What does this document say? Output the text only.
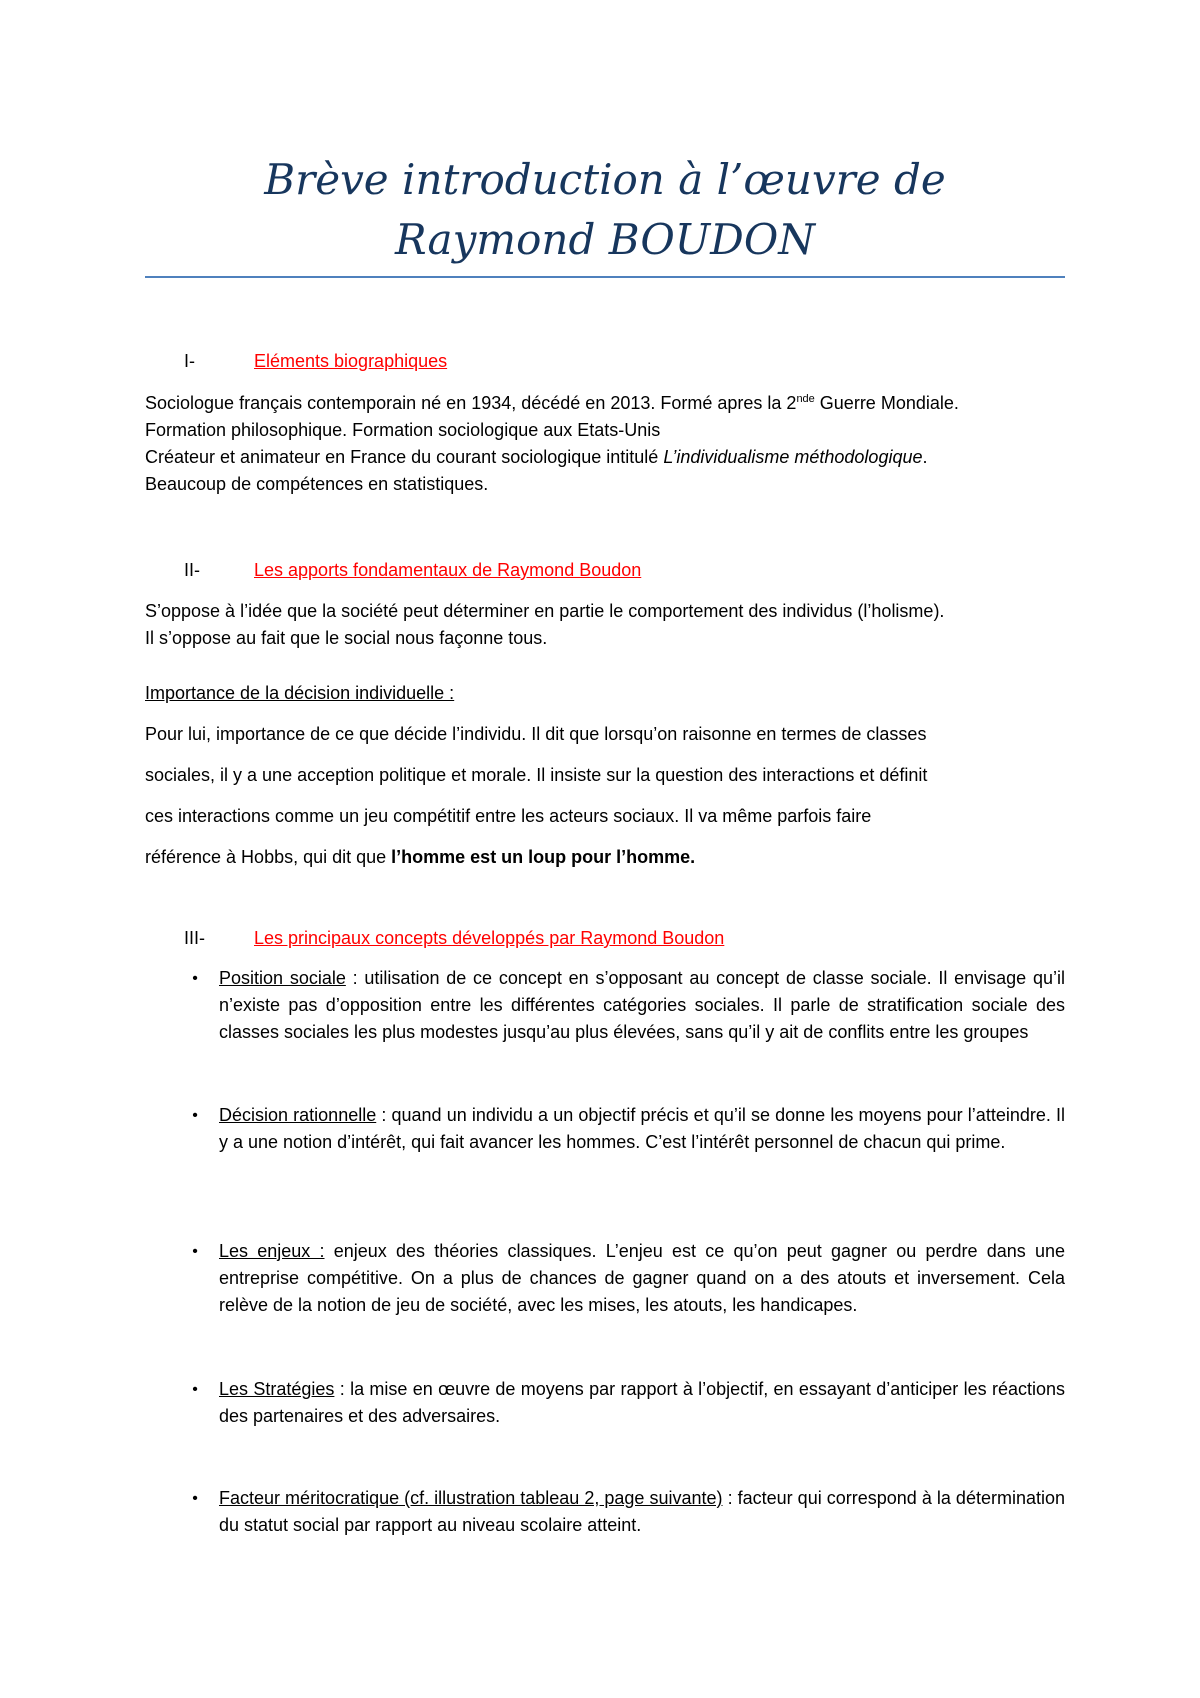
Brève introduction à l’œuvre de
Raymond BOUDON
I-	Eléments biographiques
Sociologue français contemporain né en 1934, décédé en 2013. Formé apres la 2nde Guerre Mondiale.
Formation philosophique. Formation sociologique aux Etats-Unis
Créateur et animateur en France du courant sociologique intitulé L’individualisme méthodologique.
Beaucoup de compétences en statistiques.
II-	Les apports fondamentaux de Raymond Boudon
S’oppose à l’idée que la société peut déterminer en partie le comportement des individus (l’holisme).
Il s’oppose au fait que le social nous façonne tous.
Importance de la décision individuelle :
Pour lui, importance de ce que décide l’individu. Il dit que lorsqu’on raisonne en termes de classes
sociales, il y a une acception politique et morale. Il insiste sur la question des interactions et définit
ces interactions comme un jeu compétitif entre les acteurs sociaux. Il va même parfois faire
référence à Hobbs, qui dit que l’homme est un loup pour l’homme.
III-	Les principaux concepts développés par Raymond Boudon
•	Position sociale : utilisation de ce concept en s’opposant au concept de classe sociale. Il envisage qu’il n’existe pas d’opposition entre les différentes catégories sociales. Il parle de stratification sociale des classes sociales les plus modestes jusqu’au plus élevées, sans qu’il y ait de conflits entre les groupes
•	Décision rationnelle : quand un individu a un objectif précis et qu’il se donne les moyens pour l’atteindre. Il y a une notion d’intérêt, qui fait avancer les hommes. C’est l’intérêt personnel de chacun qui prime.
•	Les enjeux : enjeux des théories classiques. L’enjeu est ce qu’on peut gagner ou perdre dans une entreprise compétitive. On a plus de chances de gagner quand on a des atouts et inversement. Cela relève de la notion de jeu de société, avec les mises, les atouts, les handicapes.
•	Les Stratégies : la mise en œuvre de moyens par rapport à l’objectif, en essayant d’anticiper les réactions des partenaires et des adversaires.
•	Facteur méritocratique (cf. illustration tableau 2, page suivante) : facteur qui correspond à la détermination du statut social par rapport au niveau scolaire atteint.
